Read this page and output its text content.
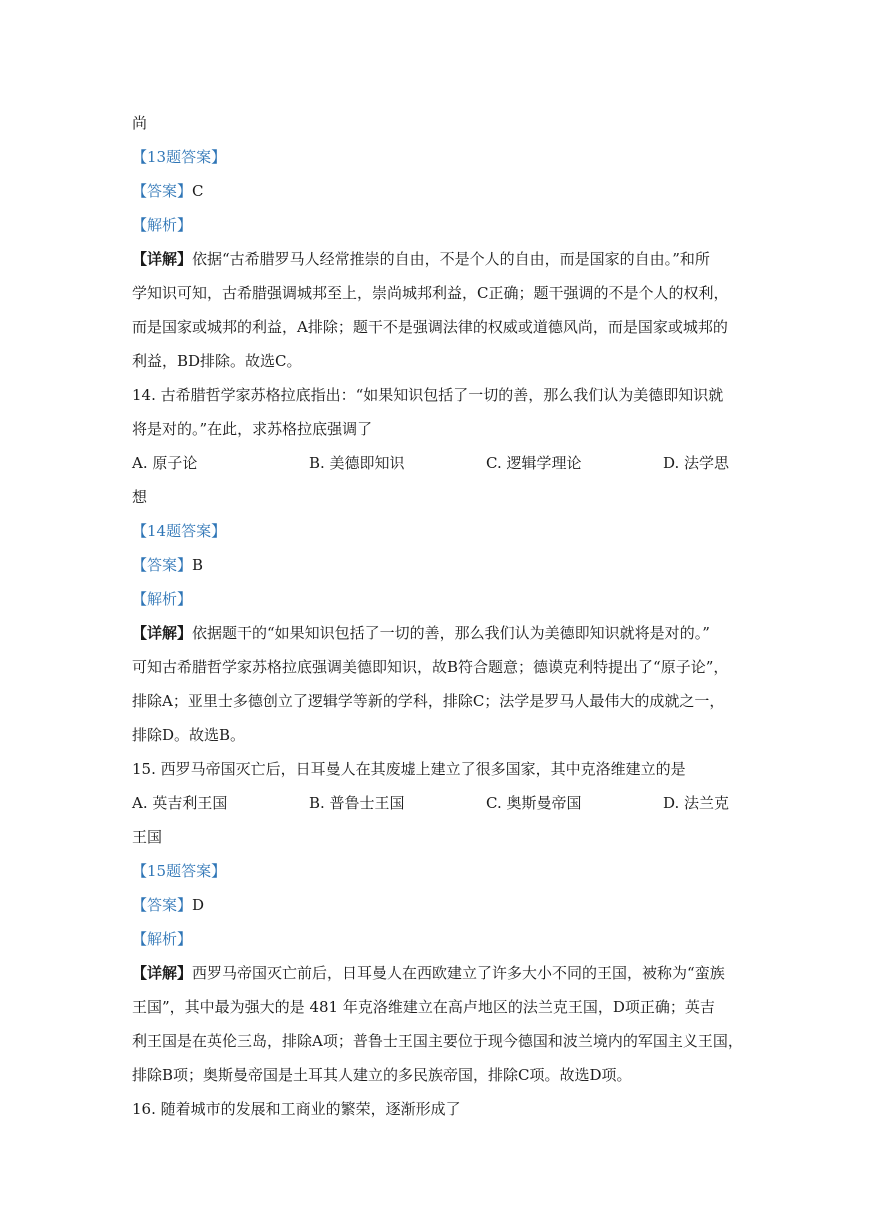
尚
【13题答案】
【答案】C
【解析】
【详解】依据“古希腊罗马人经常推崇的自由，不是个人的自由，而是国家的自由。”和所
学知识可知，古希腊强调城邦至上，崇尚城邦利益，C正确；题干强调的不是个人的权利，
而是国家或城邦的利益，A排除；题干不是强调法律的权威或道德风尚，而是国家或城邦的
利益，BD排除。故选C。
14. 古希腊哲学家苏格拉底指出：“如果知识包括了一切的善，那么我们认为美德即知识就
将是对的。”在此，求苏格拉底强调了
A. 原子论	B. 美德即知识	C. 逻辑学理论	D. 法学思
想
【14题答案】
【答案】B
【解析】
【详解】依据题干的“如果知识包括了一切的善，那么我们认为美德即知识就将是对的。”
可知古希腊哲学家苏格拉底强调美德即知识，故B符合题意；德谟克利特提出了“原子论”，
排除A；亚里士多德创立了逻辑学等新的学科，排除C；法学是罗马人最伟大的成就之一，
排除D。故选B。
15. 西罗马帝国灭亡后，日耳曼人在其废墟上建立了很多国家，其中克洛维建立的是
A. 英吉利王国	B. 普鲁士王国	C. 奥斯曼帝国	D. 法兰克
王国
【15题答案】
【答案】D
【解析】
【详解】西罗马帝国灭亡前后，日耳曼人在西欧建立了许多大小不同的王国，被称为“蛮族
王国”，其中最为强大的是 481 年克洛维建立在高卢地区的法兰克王国，D项正确；英吉
利王国是在英伦三岛，排除A项；普鲁士王国主要位于现今德国和波兰境内的军国主义王国，
排除B项；奥斯曼帝国是土耳其人建立的多民族帝国，排除C项。故选D项。
16. 随着城市的发展和工商业的繁荣，逐渐形成了
